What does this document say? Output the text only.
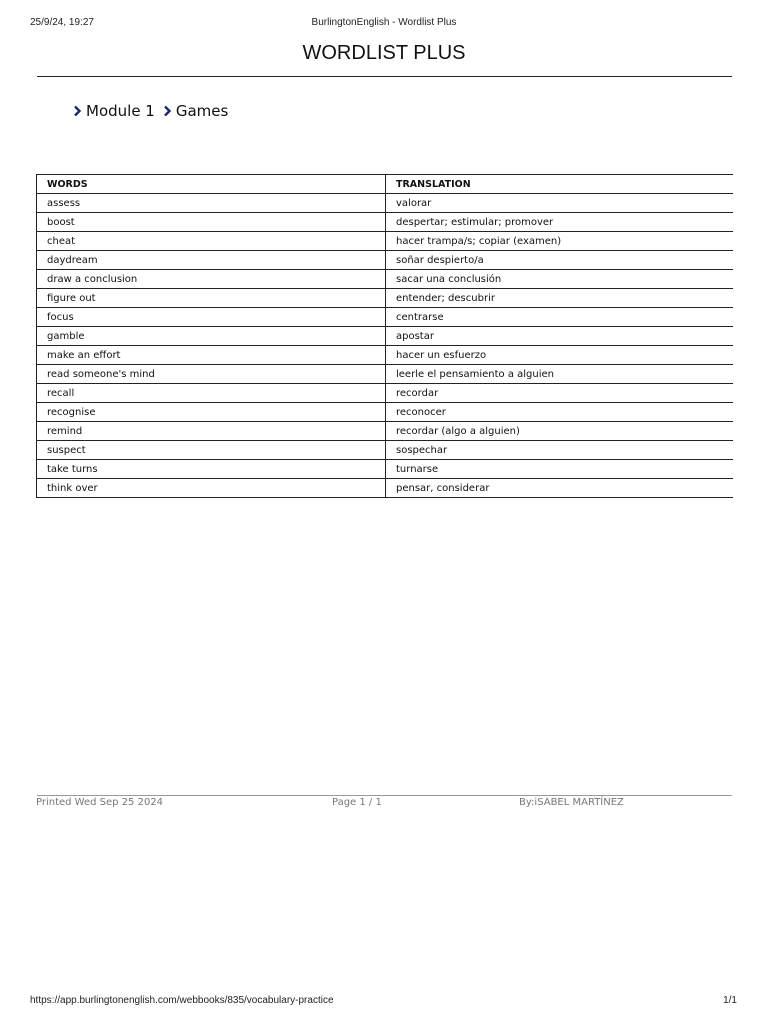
25/9/24, 19:27	BurlingtonEnglish - Wordlist Plus
WORDLIST PLUS
Module 1 Games
WORDS	TRANSLATION
assess	valorar
boost	despertar; estimular; promover
cheat	hacer trampa/s; copiar (examen)
daydream	soñar despierto/a
draw a conclusion	sacar una conclusión
figure out	entender; descubrir
focus	centrarse
gamble	apostar
make an effort	hacer un esfuerzo
read someone's mind	leerle el pensamiento a alguien
recall	recordar
recognise	reconocer
remind	recordar (algo a alguien)
suspect	sospechar
take turns	turnarse
think over	pensar, considerar
Printed Wed Sep 25 2024	Page 1 / 1	By:iSABEL MARTÍNEZ
https://app.burlingtonenglish.com/webbooks/835/vocabulary-practice	1/1
